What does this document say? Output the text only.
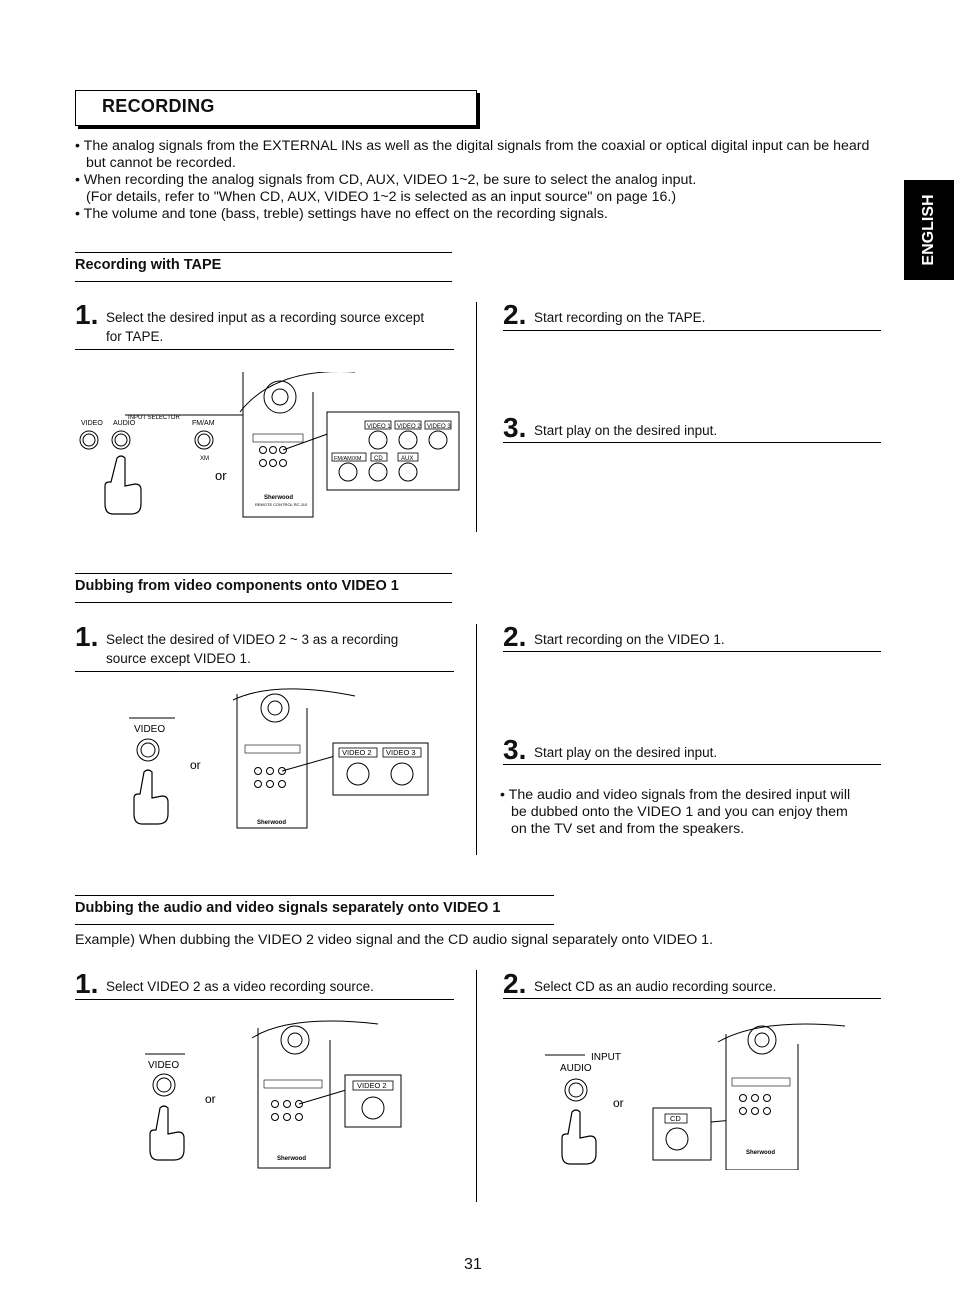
RECORDING
ENGLISH

• The analog signals from the EXTERNAL INs as well as the digital signals from the coaxial or optical digital input can be heard

but cannot be recorded.

• When recording the analog signals from CD, AUX, VIDEO 1~2, be sure to select the analog input.

(For details, refer to "When CD, AUX, VIDEO 1~2 is selected as an input source" on page 16.)

• The volume and tone (bass, treble) settings have no effect on the recording signals.

Recording with TAPE
1. Select the desired input as a recording source except
for TAPE.
2. Start recording on the TAPE.
3. Start play on the desired input.
INPUT SELECTOR
VIDEO AUDIO	FM/AM
XM
or
Sherwood
REMOTE CONTROL RC-110
VIDEO 1 VIDEO 2 VIDEO 3
FM/AM/XM CD	AUX
Dubbing from video components onto VIDEO 1
1. Select the desired of VIDEO 2 ~ 3 as a recording
source except VIDEO 1.
2. Start recording on the VIDEO 1.
3. Start play on the desired input.
• The audio and video signals from the desired input will
be dubbed onto the VIDEO 1 and you can enjoy them
on the TV set and from the speakers.
VIDEO
or
Sherwood
VIDEO 2 VIDEO 3
Dubbing the audio and video signals separately onto VIDEO 1
Example) When dubbing the VIDEO 2 video signal and the CD audio signal separately onto VIDEO 1.
1. Select VIDEO 2 as a video recording source.	2. Select CD as an audio recording source.
VIDEO
or
Sherwood
VIDEO 2
INPUT
AUDIO
or
CD
Sherwood
31
